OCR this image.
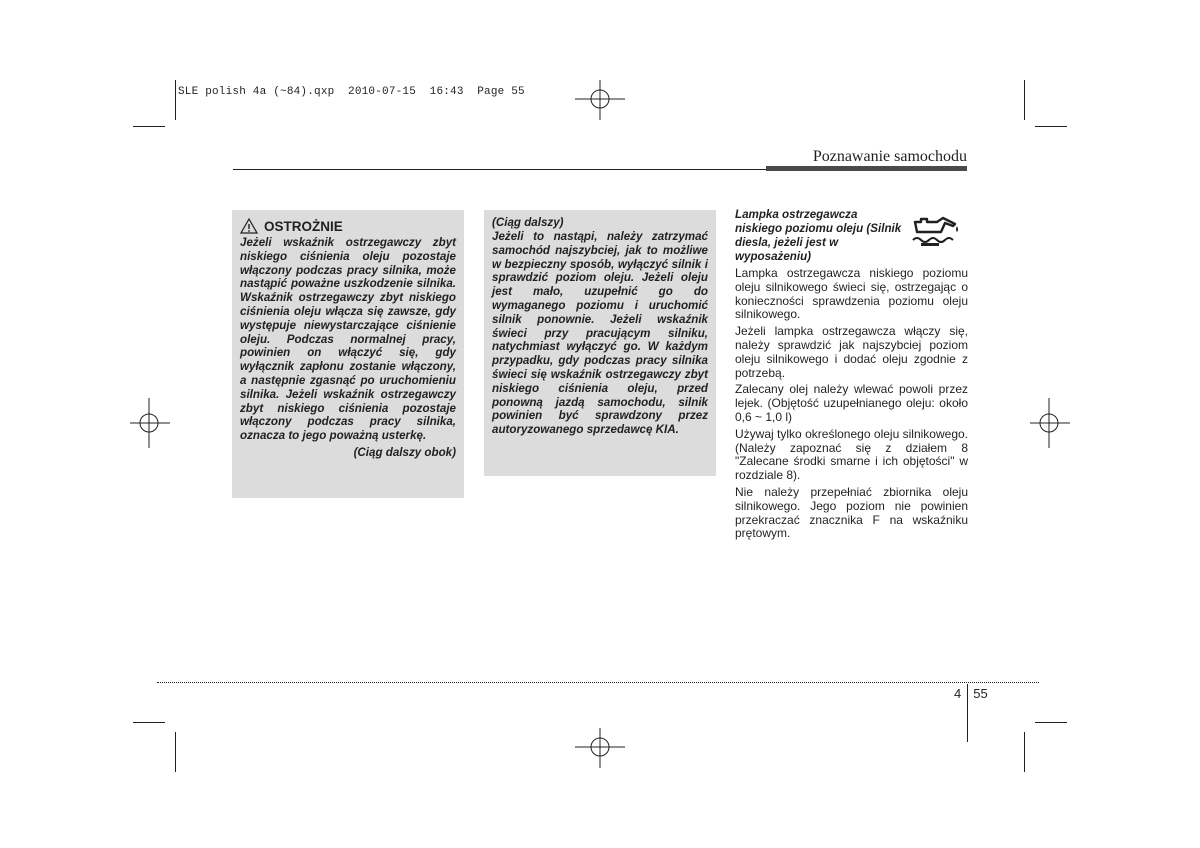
SLE polish 4a (~84).qxp  2010-07-15  16:43  Page 55
Poznawanie samochodu
OSTROŻNIE
Jeżeli wskaźnik ostrzegawczy zbyt niskiego ciśnienia oleju pozostaje włączony podczas pracy silnika, może nastąpić poważne uszkodzenie silnika. Wskaźnik ostrzegawczy zbyt niskiego ciśnienia oleju włącza się zawsze, gdy występuje niewystarczające ciśnienie oleju. Podczas normalnej pracy, powinien on włączyć się, gdy wyłącznik zapłonu zostanie włączony, a następnie zgasnąć po uruchomieniu silnika. Jeżeli wskaźnik ostrzegawczy zbyt niskiego ciśnienia pozostaje włączony podczas pracy silnika, oznacza to jego poważną usterkę.
(Ciąg dalszy obok)
(Ciąg dalszy)
Jeżeli to nastąpi, należy zatrzymać samochód najszybciej, jak to możliwe w bezpieczny sposób, wyłączyć silnik i sprawdzić poziom oleju. Jeżeli oleju jest mało, uzupełnić go do wymaganego poziomu i uruchomić silnik ponownie. Jeżeli wskaźnik świeci przy pracującym silniku, natychmiast wyłączyć go. W każdym przypadku, gdy podczas pracy silnika świeci się wskaźnik ostrzegawczy zbyt niskiego ciśnienia oleju, przed ponowną jazdą samochodu, silnik powinien być sprawdzony przez autoryzowanego sprzedawcę KIA.
Lampka ostrzegawcza niskiego poziomu oleju (Silnik diesla, jeżeli jest w wyposażeniu)

Lampka ostrzegawcza niskiego poziomu oleju silnikowego świeci się, ostrzegając o konieczności sprawdzenia poziomu oleju silnikowego.

Jeżeli lampka ostrzegawcza włączy się, należy sprawdzić jak najszybciej poziom oleju silnikowego i dodać oleju zgodnie z potrzebą.

Zalecany olej należy wlewać powoli przez lejek. (Objętość uzupełnianego oleju: około 0,6 ~ 1,0 l)

Używaj tylko określonego oleju silnikowego. (Należy zapoznać się z działem 8 "Zalecane środki smarne i ich objętości" w rozdziale 8).

Nie należy przepełniać zbiornika oleju silnikowego. Jego poziom nie powinien przekraczać znacznika F na wskaźniku prętowym.

4 55
